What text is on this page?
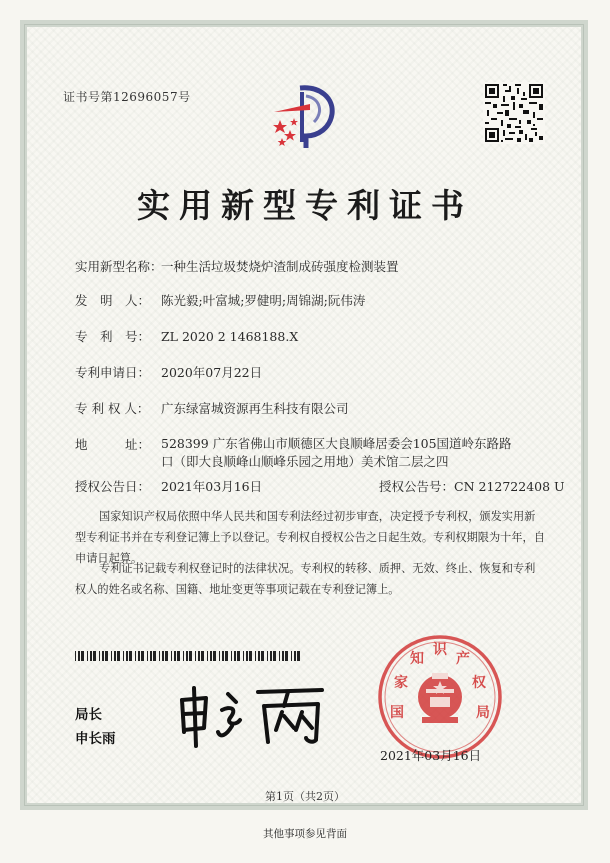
证书号第12696057号
实用新型专利证书
实用新型名称：一种生活垃圾焚烧炉渣制成砖强度检测装置
发　明　人： 陈光毅;叶富城;罗健明;周锦湖;阮伟涛
专　利　号： ZL 2020 2 1468188.X
专利申请日： 2020年07月22日
专 利 权 人： 广东绿富城资源再生科技有限公司
地　　　址： 528399 广东省佛山市顺德区大良顺峰居委会105国道岭东路路口（即大良顺峰山顺峰乐园之用地）美术馆二层之四
授权公告日： 2021年03月16日	授权公告号：CN 212722408 U
国家知识产权局依照中华人民共和国专利法经过初步审查，决定授予专利权，颁发实用新型专利证书并在专利登记簿上予以登记。专利权自授权公告之日起生效。专利权期限为十年，自申请日起算。
专利证书记载专利权登记时的法律状况。专利权的转移、质押、无效、终止、恢复和专利权人的姓名或名称、国籍、地址变更等事项记载在专利登记簿上。
局长
申长雨
国
家
知
识
产
权
局
2021年03月16日
第1页（共2页）
其他事项参见背面
